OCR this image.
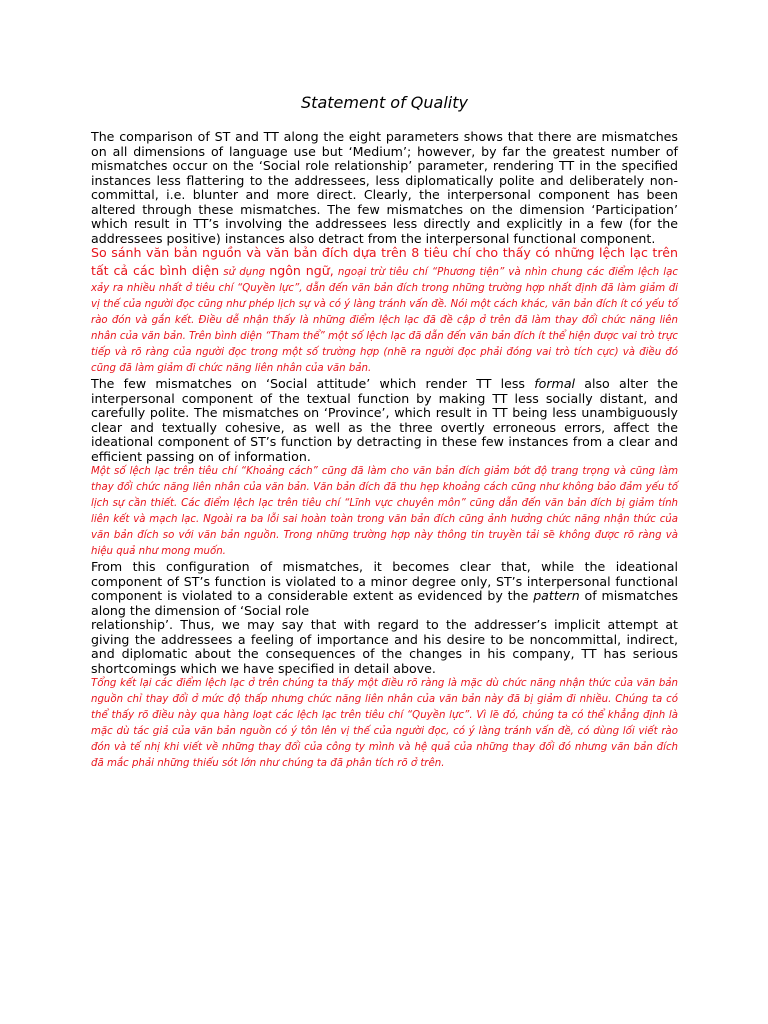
Statement of Quality

The comparison of ST and TT along the eight parameters shows that there are mismatches on all dimensions of language use but ‘Medium’; however, by far the greatest number of mismatches occur on the ‘Social role relationship’ parameter, rendering TT in the specified instances less flattering to the addressees, less diplomatically polite and deliberately non-committal, i.e. blunter and more direct. Clearly, the interpersonal component has been altered through these mismatches. The few mismatches on the dimension ‘Participation’ which result in TT’s involving the addressees less directly and explicitly in a few (for the addressees positive) instances also detract from the interpersonal functional component.

So sánh văn bản nguồn và văn bản đích dựa trên 8 tiêu chí cho thấy có những lệch lạc trên tất cả các bình diện sử dụng ngôn ngữ, ngoại trừ tiêu chí “Phương tiện” và nhìn chung các điểm lệch lạc xảy ra nhiều nhất ở tiêu chí “Quyền lực”, dẫn đến văn bản đích trong những trường hợp nhất định đã làm giảm đi vị thế của người đọc cũng như phép lịch sự và có ý làng tránh vấn đề. Nói một cách khác, văn bản đích ít có yếu tố rào đón và gắn kết. Điều dễ nhận thấy là những điểm lệch lạc đã đề cập ở trên đã làm thay đổi chức năng liên nhân của văn bản. Trên bình diện “Tham thể” một số lệch lạc đã dẫn đến văn bản đích ít thể hiện được vai trò trực tiếp và rõ ràng của người đọc trong một số trường hợp (nhẽ ra người đọc phải đóng vai trò tích cực) và điều đó cũng đã làm giảm đi chức năng liên nhân của văn bản.

The few mismatches on ‘Social attitude’ which render TT less formal also alter the interpersonal component of the textual function by making TT less socially distant, and carefully polite. The mismatches on ‘Province’, which result in TT being less unambiguously clear and textually cohesive, as well as the three overtly erroneous errors, affect the ideational component of ST’s function by detracting in these few instances from a clear and efficient passing on of information.

Một số lệch lạc trên tiêu chí “Khoảng cách” cũng đã làm cho văn bản đích giảm bớt độ trang trọng và cũng làm thay đổi chức năng liên nhân của văn bản. Văn bản đích đã thu hẹp khoảng cách cũng như không bảo đảm yếu tố lịch sự cần thiết. Các điểm lệch lạc trên tiêu chí “Lĩnh vực chuyên môn” cũng dẫn đến văn bản đích bị giảm tính liên kết và mạch lạc. Ngoài ra ba lỗi sai hoàn toàn trong văn bản đích cũng ảnh hưởng chức năng nhận thức của văn bản đích so với văn bản nguồn. Trong những trường hợp này thông tin truyền tải sẽ không được rõ ràng và hiệu quả như mong muốn.

From this configuration of mismatches, it becomes clear that, while the ideational component of ST’s function is violated to a minor degree only, ST’s interpersonal functional component is violated to a considerable extent as evidenced by the pattern of mismatches along the dimension of ‘Social role

relationship’. Thus, we may say that with regard to the addresser’s implicit attempt at giving the addressees a feeling of importance and his desire to be noncommittal, indirect, and diplomatic about the consequences of the changes in his company, TT has serious shortcomings which we have specified in detail above.

Tổng kết lại các điểm lệch lạc ở trên chúng ta thấy một điều rõ ràng là mặc dù chức năng nhận thức của văn bản nguồn chỉ thay đổi ở mức độ thấp nhưng chức năng liên nhân của văn bản này đã bị giảm đi nhiều. Chúng ta có thể thấy rõ điều này qua hàng loạt các lệch lạc trên tiêu chí “Quyền lực”. Vì lẽ đó, chúng ta có thể khẳng định là mặc dù tác giả của văn bản nguồn có ý tôn lên vị thế của người đọc, có ý làng tránh vấn đề, có dùng lối viết rào đón và tế nhị khi viết về những thay đổi của công ty mình và hệ quả của những thay đổi đó nhưng văn bản đích đã mắc phải những thiếu sót lớn như chúng ta đã phân tích rõ ở trên.
